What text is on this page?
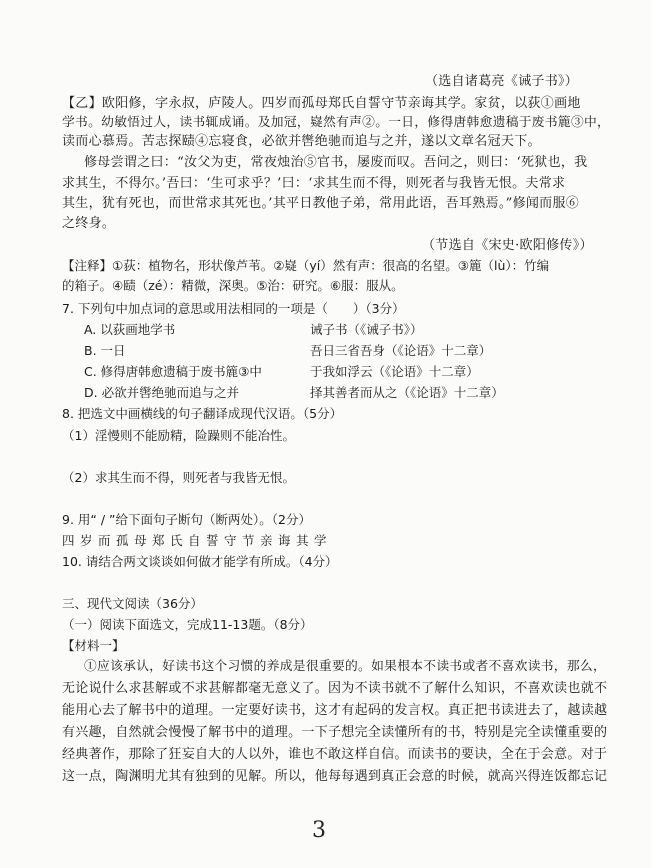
（选自诸葛亮《诫子书》）
【乙】欧阳修，字永叔，庐陵人。四岁而孤母郑氏自誓守节亲诲其学。家贫，以荻①画地
学书。幼敏悟过人，读书辄成诵。及加冠，嶷然有声②。一日，修得唐韩愈遗稿于废书簏③中，
读而心慕焉。苦志探赜④忘寝食，必欲并辔绝驰而追与之并，遂以文章名冠天下。
修母尝谓之曰：“汝父为吏，常夜烛治⑤官书，屡废而叹。吾问之，则曰：‘死狱也，我
求其生，不得尔。’吾曰：‘生可求乎？’曰：‘求其生而不得，则死者与我皆无恨。夫常求
其生，犹有死也，而世常求其死也。’其平日教他子弟，常用此语，吾耳熟焉。”修闻而服⑥
之终身。
（节选自《宋史·欧阳修传》）
【注释】①荻：植物名，形状像芦苇。②嶷（yí）然有声：很高的名望。③簏（lù）：竹编
的箱子。④赜（zé）：精微，深奥。⑤治：研究。⑥服：服从。
7. 下列句中加点词的意思或用法相同的一项是（　　）（3分）
A. 以荻画地学书	诫子书（《诫子书》）
B. 一日	吾日三省吾身（《论语》十二章）
C. 修得唐韩愈遗稿于废书簏③中	于我如浮云（《论语》十二章）
D. 必欲并辔绝驰而追与之并	择其善者而从之（《论语》十二章）
8. 把选文中画横线的句子翻译成现代汉语。（5分）
（1）淫慢则不能励精，险躁则不能冶性。
（2）求其生而不得，则死者与我皆无恨。
9. 用“ / ”给下面句子断句（断两处）。（2分）
四岁而孤母郑氏自誓守节亲诲其学
10. 请结合两文谈谈如何做才能学有所成。（4分）
三、现代文阅读（36分）
（一）阅读下面选文，完成11-13题。（8分）
【材料一】
①应该承认，好读书这个习惯的养成是很重要的。如果根本不读书或者不喜欢读书，那么，
无论说什么求甚解或不求甚解都毫无意义了。因为不读书就不了解什么知识，不喜欢读也就不
能用心去了解书中的道理。一定要好读书，这才有起码的发言权。真正把书读进去了，越读越
有兴趣，自然就会慢慢了解书中的道理。一下子想完全读懂所有的书，特别是完全读懂重要的
经典著作，那除了狂妄自大的人以外，谁也不敢这样自信。而读书的要诀，全在于会意。对于
这一点，陶渊明尤其有独到的见解。所以，他每每遇到真正会意的时候，就高兴得连饭都忘记
3
